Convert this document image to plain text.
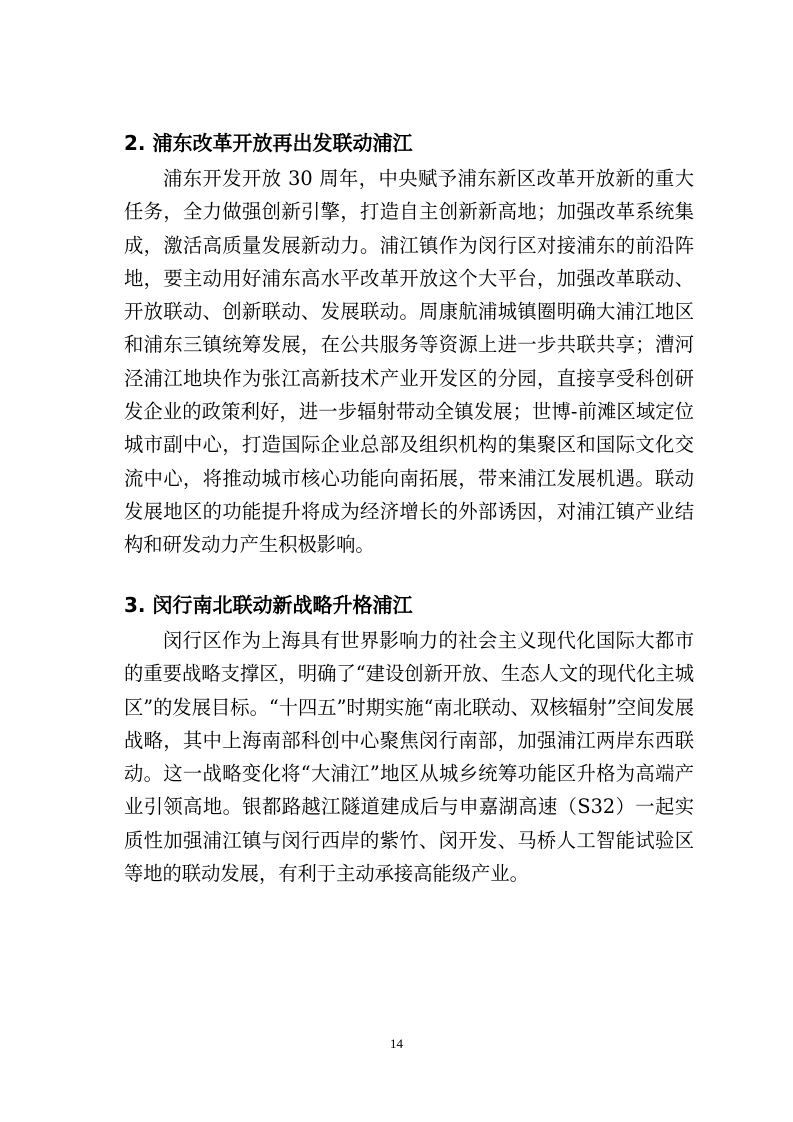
2. 浦东改革开放再出发联动浦江

浦东开发开放 30 周年，中央赋予浦东新区改革开放新的重大任务，全力做强创新引擎，打造自主创新新高地；加强改革系统集成，激活高质量发展新动力。浦江镇作为闵行区对接浦东的前沿阵地，要主动用好浦东高水平改革开放这个大平台，加强改革联动、开放联动、创新联动、发展联动。周康航浦城镇圈明确大浦江地区和浦东三镇统筹发展，在公共服务等资源上进一步共联共享；漕河泾浦江地块作为张江高新技术产业开发区的分园，直接享受科创研发企业的政策利好，进一步辐射带动全镇发展；世博-前滩区域定位城市副中心，打造国际企业总部及组织机构的集聚区和国际文化交流中心，将推动城市核心功能向南拓展，带来浦江发展机遇。联动发展地区的功能提升将成为经济增长的外部诱因，对浦江镇产业结构和研发动力产生积极影响。

3. 闵行南北联动新战略升格浦江

闵行区作为上海具有世界影响力的社会主义现代化国际大都市的重要战略支撑区，明确了“建设创新开放、生态人文的现代化主城区”的发展目标。“十四五”时期实施“南北联动、双核辐射”空间发展战略，其中上海南部科创中心聚焦闵行南部，加强浦江两岸东西联动。这一战略变化将“大浦江”地区从城乡统筹功能区升格为高端产业引领高地。银都路越江隧道建成后与申嘉湖高速（S32）一起实质性加强浦江镇与闵行西岸的紫竹、闵开发、马桥人工智能试验区等地的联动发展，有利于主动承接高能级产业。

14
